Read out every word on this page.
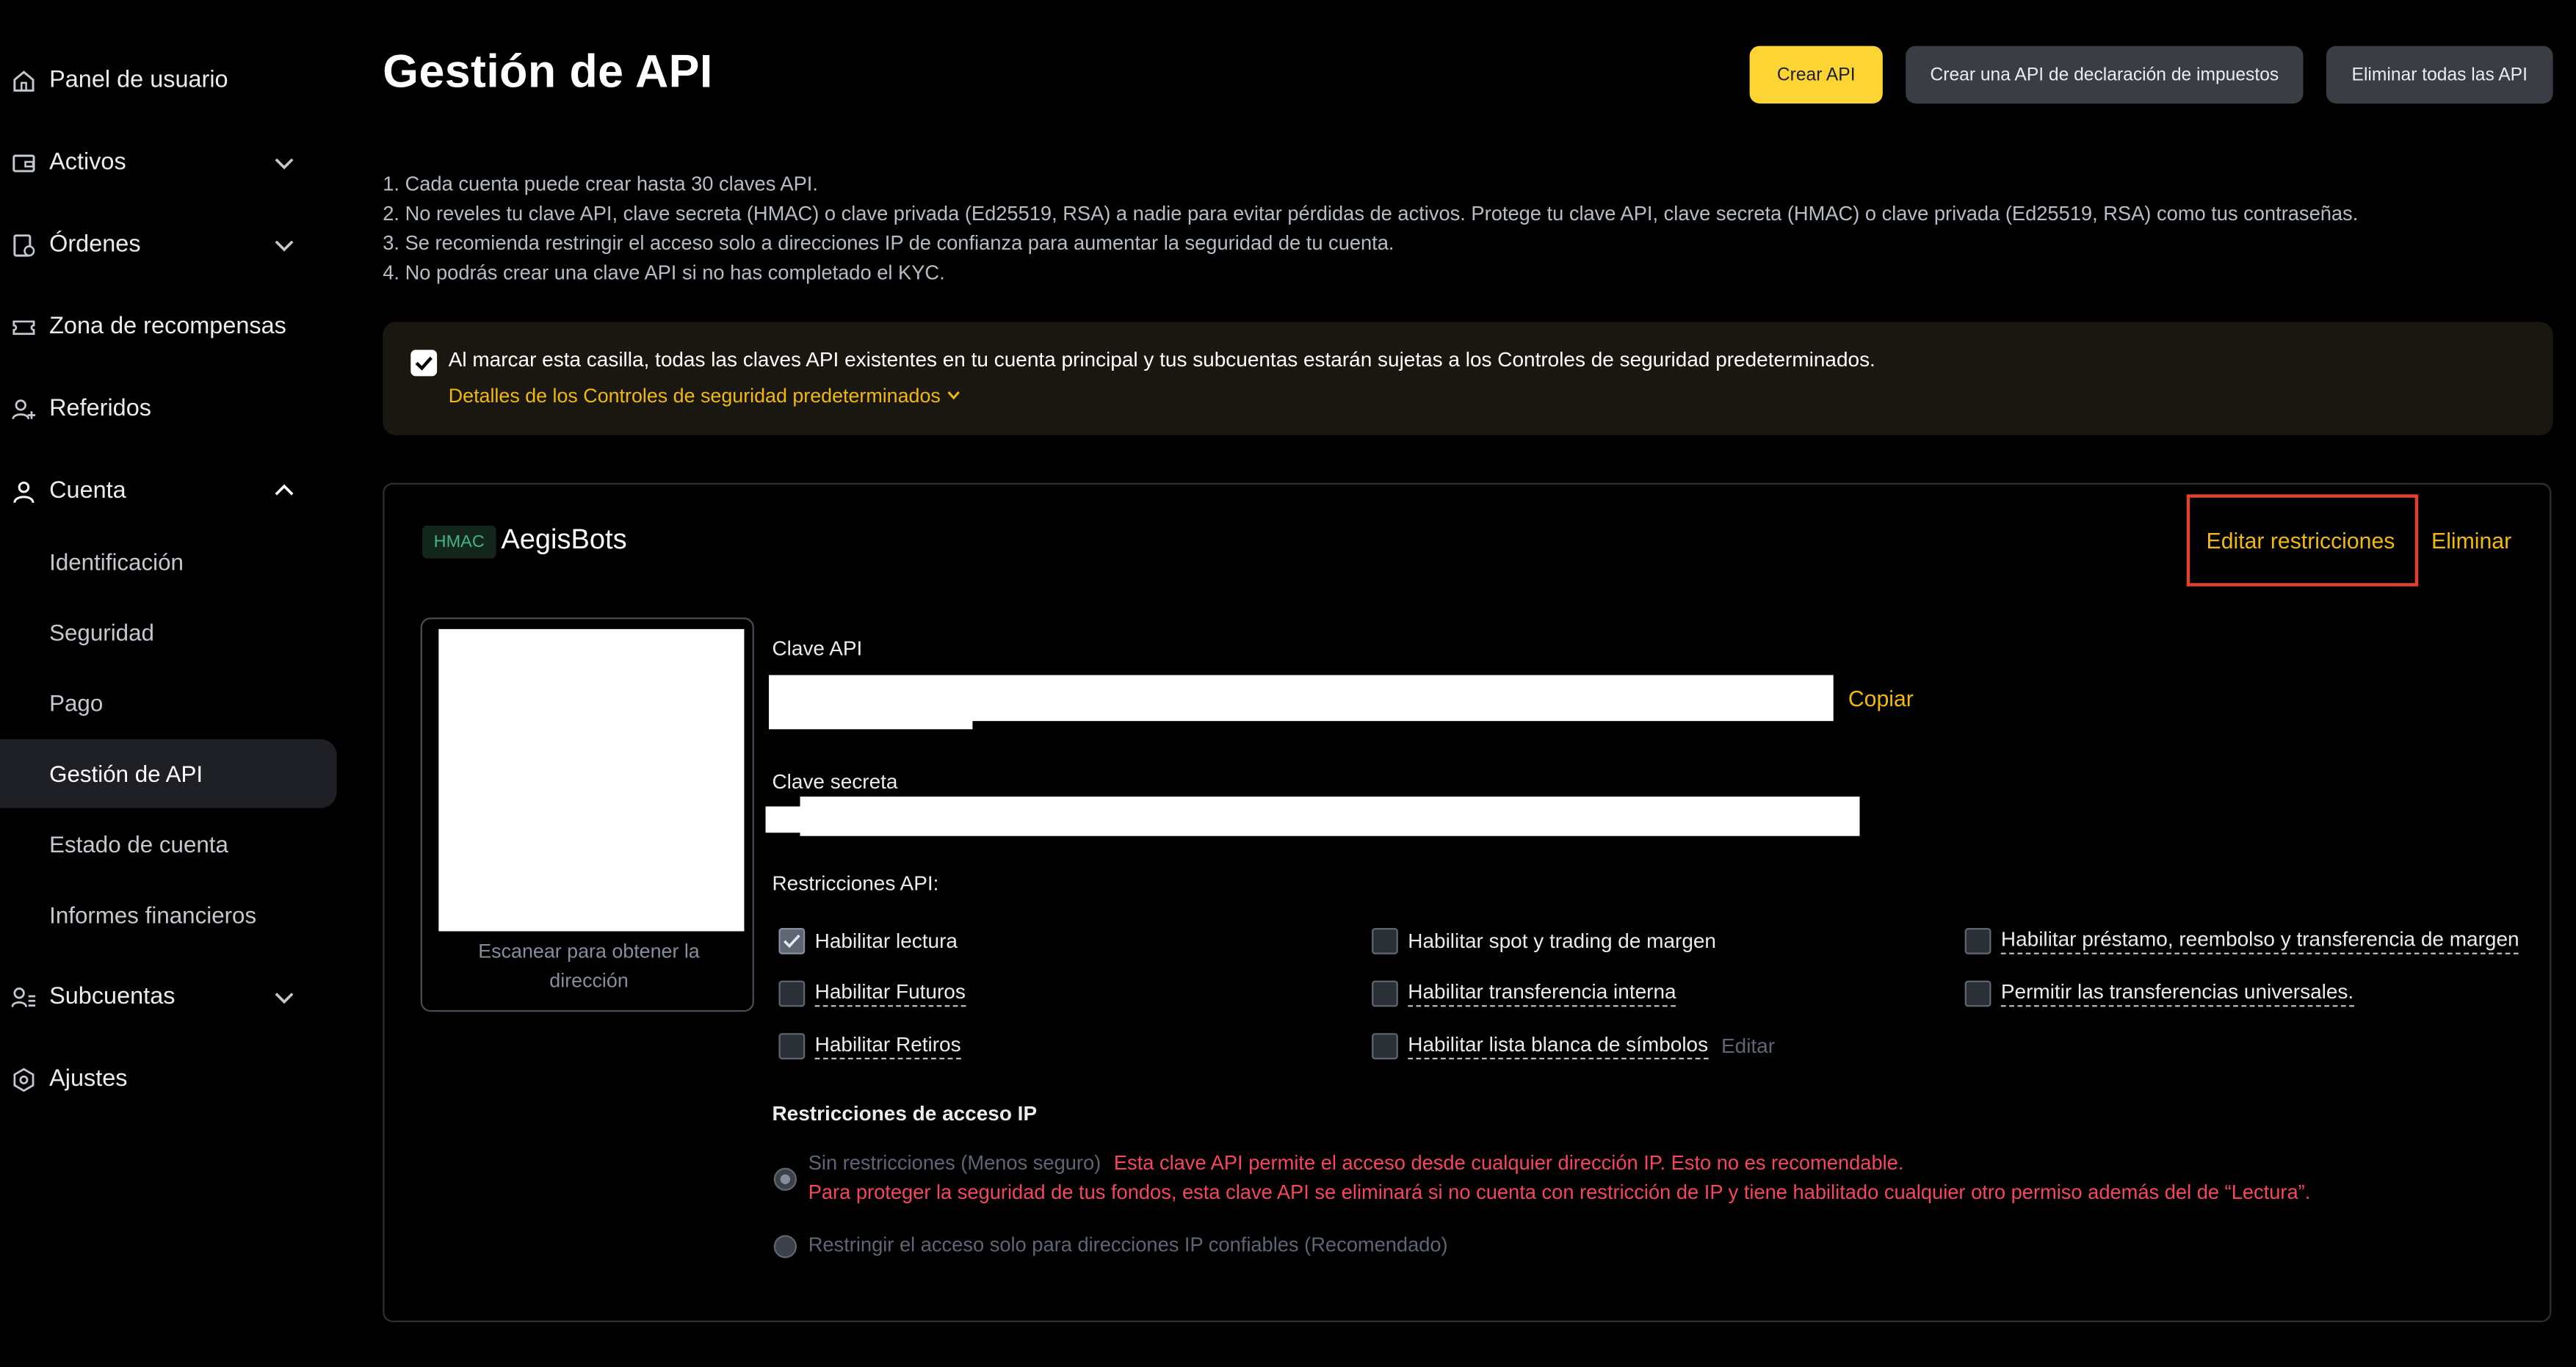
Panel de usuario
Activos
Órdenes
Zona de recompensas
Referidos
Cuenta
Identificación
Seguridad
Pago
Gestión de API
Estado de cuenta
Informes financieros
Subcuentas
Ajustes
Gestión de API	Crear API	Crear una API de declaración de impuestos	Eliminar todas las API
1. Cada cuenta puede crear hasta 30 claves API.
2. No reveles tu clave API, clave secreta (HMAC) o clave privada (Ed25519, RSA) a nadie para evitar pérdidas de activos. Protege tu clave API, clave secreta (HMAC) o clave privada (Ed25519, RSA) como tus contraseñas.
3. Se recomienda restringir el acceso solo a direcciones IP de confianza para aumentar la seguridad de tu cuenta.
4. No podrás crear una clave API si no has completado el KYC.
Al marcar esta casilla, todas las claves API existentes en tu cuenta principal y tus subcuentas estarán sujetas a los Controles de seguridad predeterminados.
Detalles de los Controles de seguridad predeterminados
HMAC	AegisBots	Editar restricciones	Eliminar
Escanear para obtener la
dirección
Clave API
Copiar
Clave secreta
Restricciones API:
Habilitar lectura	Habilitar spot y trading de margen	Habilitar préstamo, reembolso y transferencia de margen
Habilitar Futuros	Habilitar transferencia interna	Permitir las transferencias universales.
Habilitar Retiros	Habilitar lista blanca de símbolos Editar
Restricciones de acceso IP
Sin restricciones (Menos seguro) Esta clave API permite el acceso desde cualquier dirección IP. Esto no es recomendable.
Para proteger la seguridad de tus fondos, esta clave API se eliminará si no cuenta con restricción de IP y tiene habilitado cualquier otro permiso además del de “Lectura”.
Restringir el acceso solo para direcciones IP confiables (Recomendado)
